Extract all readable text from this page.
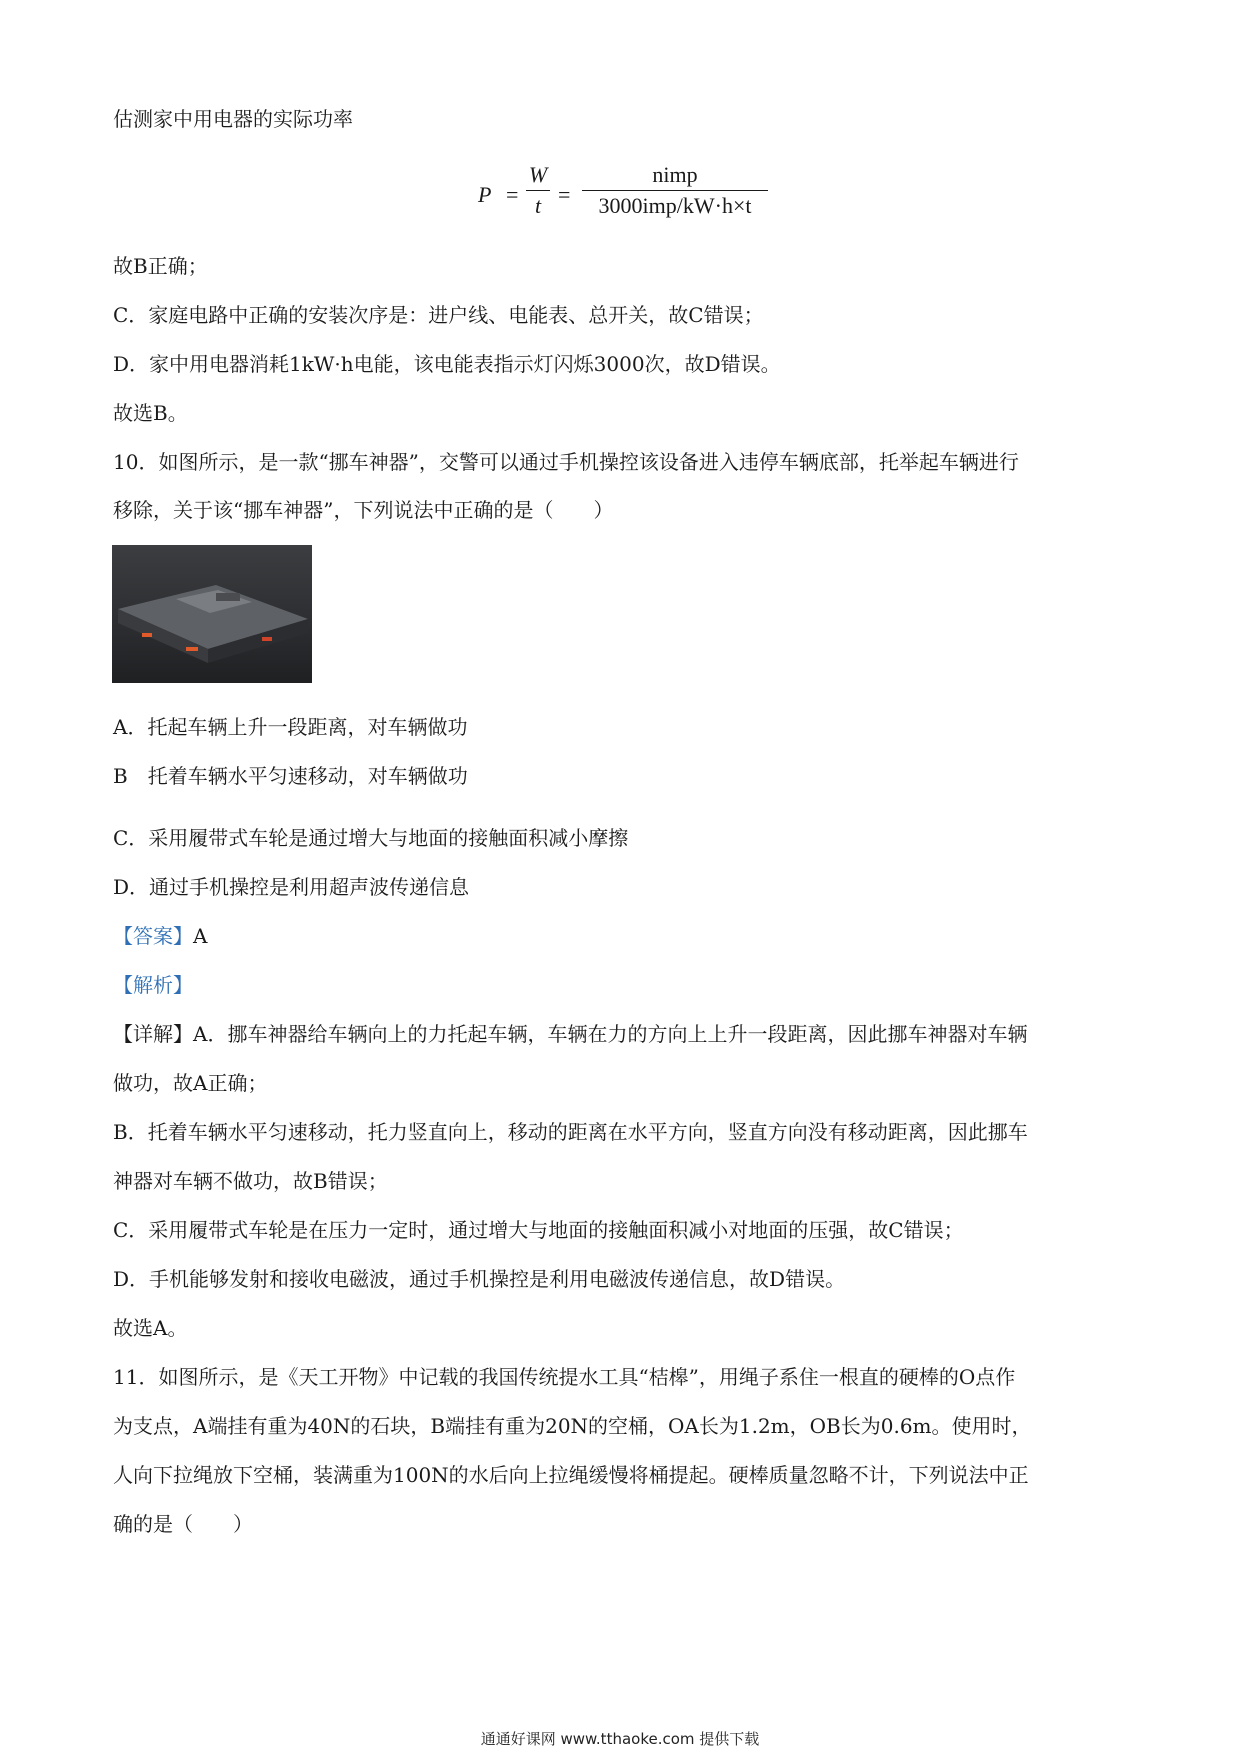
估测家中用电器的实际功率
P =
W
t =
nimp
3000imp/kW·h×t
故B正确；
C．家庭电路中正确的安装次序是：进户线、电能表、总开关，故C错误；
D．家中用电器消耗1kW·h电能，该电能表指示灯闪烁3000次，故D错误。
故选B。
10．如图所示，是一款“挪车神器”，交警可以通过手机操控该设备进入违停车辆底部，托举起车辆进行
移除，关于该“挪车神器”，下列说法中正确的是（　　）
A．托起车辆上升一段距离，对车辆做功
B　托着车辆水平匀速移动，对车辆做功
C．采用履带式车轮是通过增大与地面的接触面积减小摩擦
D．通过手机操控是利用超声波传递信息
【答案】A
【解析】
【详解】A．挪车神器给车辆向上的力托起车辆，车辆在力的方向上上升一段距离，因此挪车神器对车辆
做功，故A正确；
B．托着车辆水平匀速移动，托力竖直向上，移动的距离在水平方向，竖直方向没有移动距离，因此挪车
神器对车辆不做功，故B错误；
C．采用履带式车轮是在压力一定时，通过增大与地面的接触面积减小对地面的压强，故C错误；
D．手机能够发射和接收电磁波，通过手机操控是利用电磁波传递信息，故D错误。
故选A。
11．如图所示，是《天工开物》中记载的我国传统提水工具“桔槔”，用绳子系住一根直的硬棒的O点作
为支点，A端挂有重为40N的石块，B端挂有重为20N的空桶，OA长为1.2m，OB长为0.6m。使用时，
人向下拉绳放下空桶，装满重为100N的水后向上拉绳缓慢将桶提起。硬棒质量忽略不计，下列说法中正
确的是（　　）
通通好课网 www.tthaoke.com 提供下载
